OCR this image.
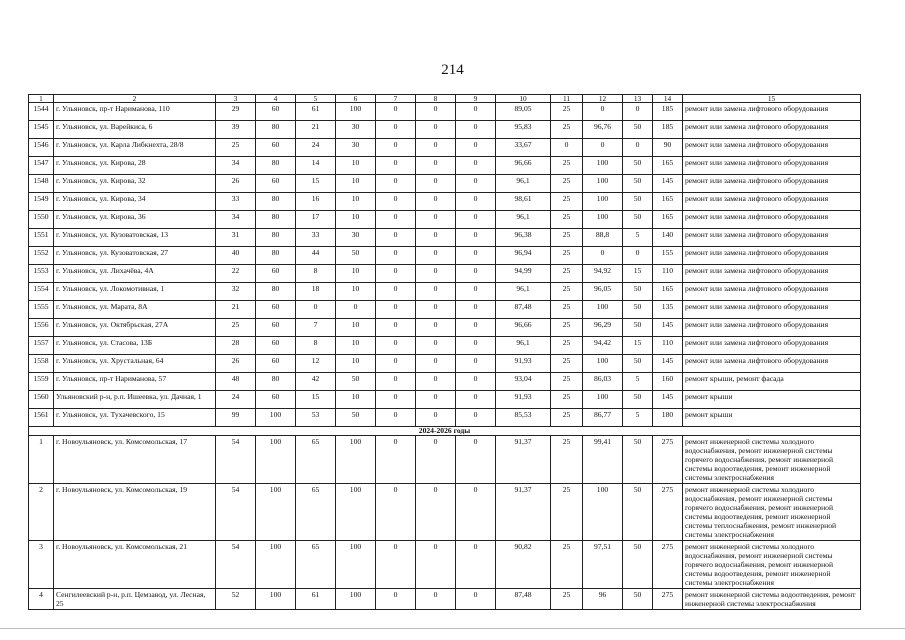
214
1	2	3	4	5	6	7	8	9	10	11	12	13	14	15
1544	г. Ульяновск, пр-т Нариманова, 110	29	60	61	100	0	0	0	89,05	25	0	0	185	ремонт или замена лифтового оборудования
1545	г. Ульяновск, ул. Варейкиса, 6	39	80	21	30	0	0	0	95,83	25	96,76	50	185	ремонт или замена лифтового оборудования
1546	г. Ульяновск, ул. Карла Либкнехта, 28/8	25	60	24	30	0	0	0	33,67	0	0	0	90	ремонт или замена лифтового оборудования
1547	г. Ульяновск, ул. Кирова, 28	34	80	14	10	0	0	0	96,66	25	100	50	165	ремонт или замена лифтового оборудования
1548	г. Ульяновск, ул. Кирова, 32	26	60	15	10	0	0	0	96,1	25	100	50	145	ремонт или замена лифтового оборудования
1549	г. Ульяновск, ул. Кирова, 34	33	80	16	10	0	0	0	98,61	25	100	50	165	ремонт или замена лифтового оборудования
1550	г. Ульяновск, ул. Кирова, 36	34	80	17	10	0	0	0	96,1	25	100	50	165	ремонт или замена лифтового оборудования
1551	г. Ульяновск, ул. Кузоватовская, 13	31	80	33	30	0	0	0	96,38	25	88,8	5	140	ремонт или замена лифтового оборудования
1552	г. Ульяновск, ул. Кузоватовская, 27	40	80	44	50	0	0	0	96,94	25	0	0	155	ремонт или замена лифтового оборудования
1553	г. Ульяновск, ул. Лихачёва, 4А	22	60	8	10	0	0	0	94,99	25	94,92	15	110	ремонт или замена лифтового оборудования
1554	г. Ульяновск, ул. Локомотивная, 1	32	80	18	10	0	0	0	96,1	25	96,05	50	165	ремонт или замена лифтового оборудования
1555	г. Ульяновск, ул. Марата, 8А	21	60	0	0	0	0	0	87,48	25	100	50	135	ремонт или замена лифтового оборудования
1556	г. Ульяновск, ул. Октябрьская, 27А	25	60	7	10	0	0	0	96,66	25	96,29	50	145	ремонт или замена лифтового оборудования
1557	г. Ульяновск, ул. Стасова, 13Б	28	60	8	10	0	0	0	96,1	25	94,42	15	110	ремонт или замена лифтового оборудования
1558	г. Ульяновск, ул. Хрустальная, 64	26	60	12	10	0	0	0	91,93	25	100	50	145	ремонт или замена лифтового оборудования
1559	г. Ульяновск, пр-т Нариманова, 57	48	80	42	50	0	0	0	93,04	25	86,03	5	160	ремонт крыши, ремонт фасада
1560	Ульяновский р-н, р.п. Ишеевка, ул. Дачная, 1	24	60	15	10	0	0	0	91,93	25	100	50	145	ремонт крыши
1561	г. Ульяновск, ул. Тухачевского, 15	99	100	53	50	0	0	0	85,53	25	86,77	5	180	ремонт крыши
2024-2026 годы														
1	г. Новоульяновск, ул. Комсомольская, 17	54	100	65	100	0	0	0	91,37	25	99,41	50	275	ремонт инженерной системы холодного водоснабжения, ремонт инженерной системы горячего водоснабжения, ремонт инженерной системы водоотведения, ремонт инженерной системы электроснабжения
2	г. Новоульяновск, ул. Комсомольская, 19	54	100	65	100	0	0	0	91,37	25	100	50	275	ремонт инженерной системы холодного водоснабжения, ремонт инженерной системы горячего водоснабжения, ремонт инженерной системы водоотведения, ремонт инженерной системы теплоснабжения, ремонт инженерной системы электроснабжения
3	г. Новоульяновск, ул. Комсомольская, 21	54	100	65	100	0	0	0	90,82	25	97,51	50	275	ремонт инженерной системы холодного водоснабжения, ремонт инженерной системы горячего водоснабжения, ремонт инженерной системы водоотведения, ремонт инженерной системы электроснабжения
4	Сенгилеевский р-н, р.п. Цемзавод, ул. Лесная, 25	52	100	61	100	0	0	0	87,48	25	96	50	275	ремонт инженерной системы водоотведения, ремонт инженерной системы электроснабжения
